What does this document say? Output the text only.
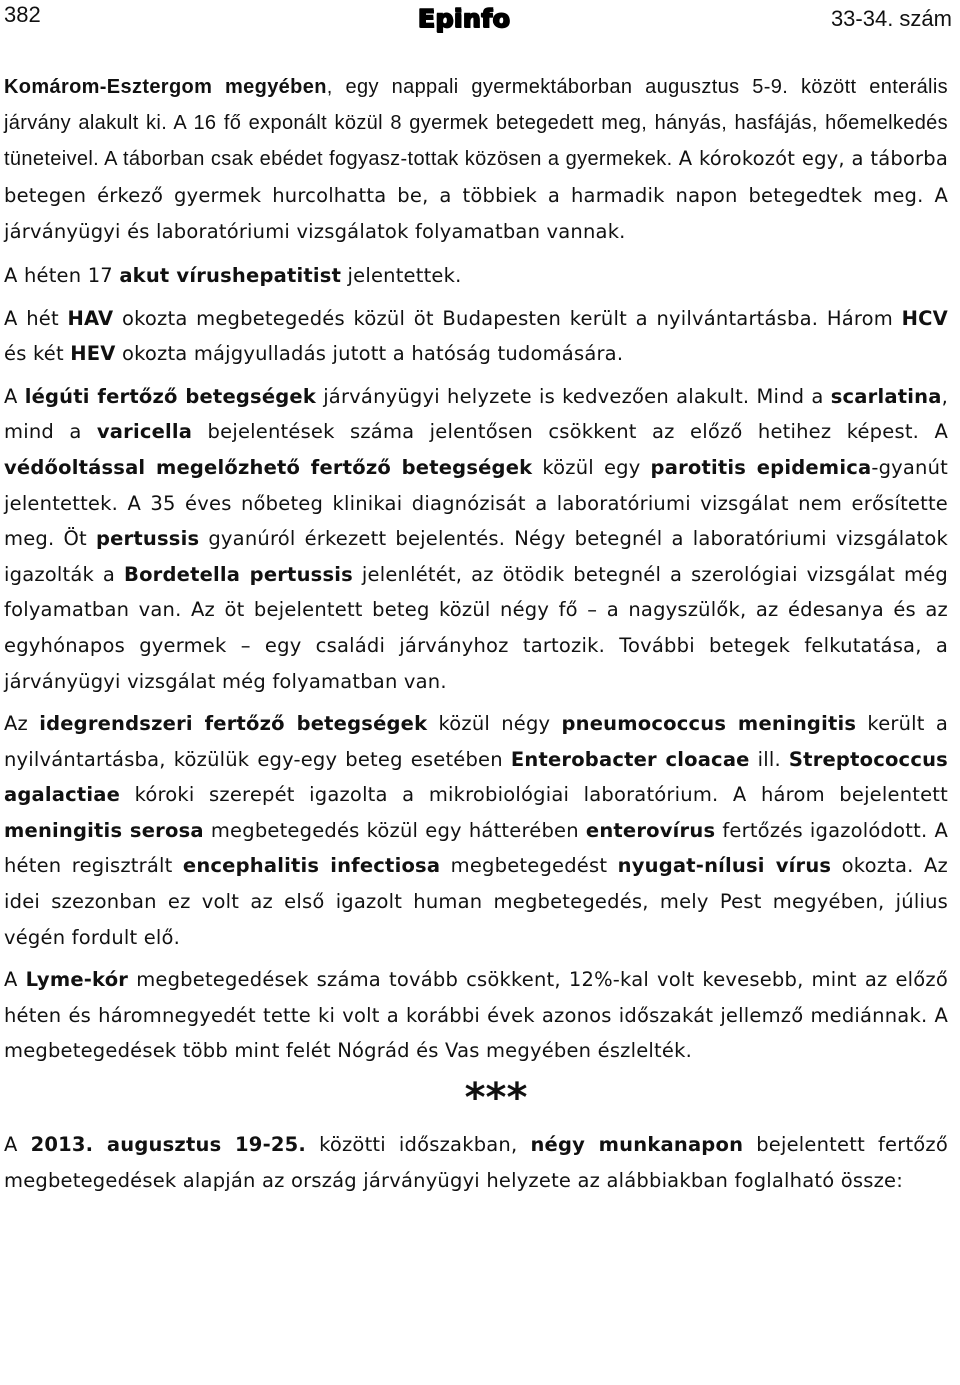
382	Epinfo	33-34. szám

Komárom-Esztergom megyében, egy nappali gyermektáborban augusztus 5-9. között enterális járvány alakult ki. A 16 fő exponált közül 8 gyermek betegedett meg, hányás, hasfájás, hőemelkedés tüneteivel. A táborban csak ebédet fogyasz-tottak közösen a gyermekek. A kórokozót egy, a táborba betegen érkező gyermek hurcolhatta be, a többiek a harmadik napon betegedtek meg. A járványügyi és laboratóriumi vizsgálatok folyamatban vannak.

A héten 17 akut vírushepatitist jelentettek.

A hét HAV okozta megbetegedés közül öt Budapesten került a nyilvántartásba. Három HCV és két HEV okozta májgyulladás jutott a hatóság tudomására.

A légúti fertőző betegségek járványügyi helyzete is kedvezően alakult. Mind a scarlatina, mind a varicella bejelentések száma jelentősen csökkent az előző hetihez képest. A védőoltással megelőzhető fertőző betegségek közül egy parotitis epidemica-gyanút jelentettek. A 35 éves nőbeteg klinikai diagnózisát a laboratóriumi vizsgálat nem erősítette meg. Öt pertussis gyanúról érkezett bejelentés. Négy betegnél a laboratóriumi vizsgálatok igazolták a Bordetella pertussis jelenlétét, az ötödik betegnél a szerológiai vizsgálat még folyamatban van. Az öt bejelentett beteg közül négy fő – a nagyszülők, az édesanya és az egyhónapos gyermek – egy családi járványhoz tartozik. További betegek felkutatása, a járványügyi vizsgálat még folyamatban van.

Az idegrendszeri fertőző betegségek közül négy pneumococcus meningitis került a nyilvántartásba, közülük egy-egy beteg esetében Enterobacter cloacae ill. Streptococcus agalactiae kóroki szerepét igazolta a mikrobiológiai laboratórium. A három bejelentett meningitis serosa megbetegedés közül egy hátterében enterovírus fertőzés igazolódott. A héten regisztrált encephalitis infectiosa megbetegedést nyugat-nílusi vírus okozta. Az idei szezonban ez volt az első igazolt human megbetegedés, mely Pest megyében, július végén fordult elő.

A Lyme-kór megbetegedések száma tovább csökkent, 12%-kal volt kevesebb, mint az előző héten és háromnegyedét tette ki volt a korábbi évek azonos időszakát jellemző mediánnak. A megbetegedések több mint felét Nógrád és Vas megyében észlelték.

***

A 2013. augusztus 19-25. közötti időszakban, négy munkanapon bejelentett fertőző megbetegedések alapján az ország járványügyi helyzete az alábbiakban foglalható össze:
